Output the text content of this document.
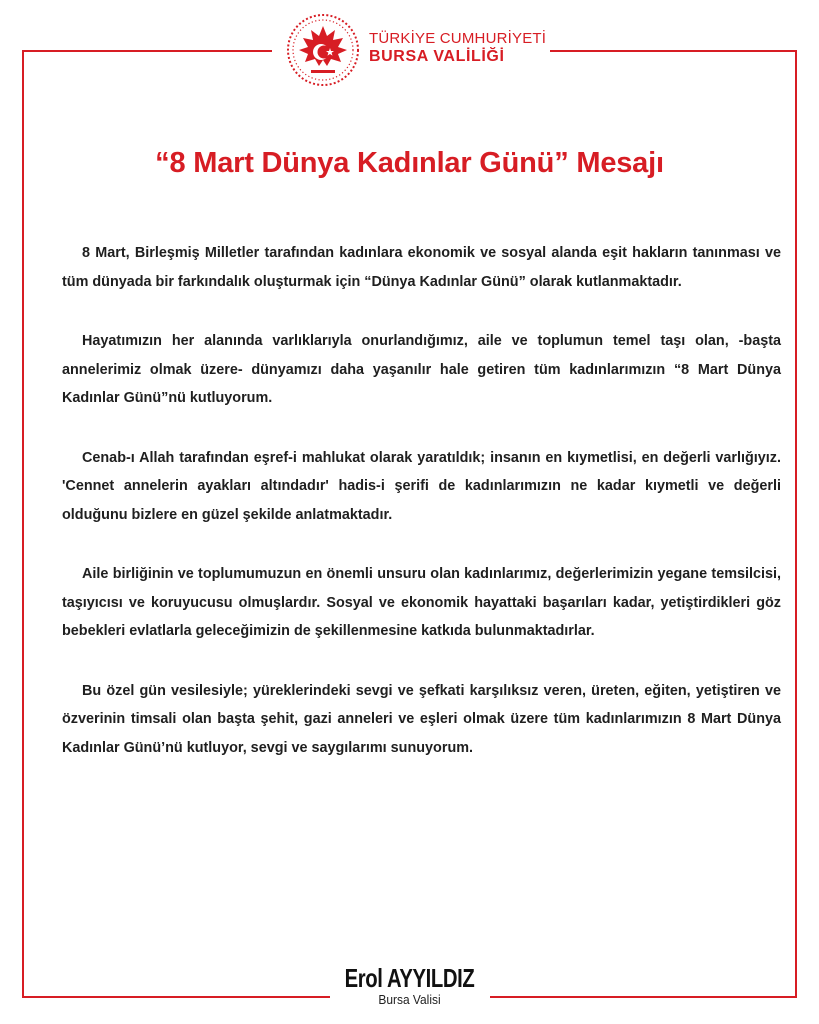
TÜRKİYE CUMHURİYETİ
BURSA VALİLİĞİ
“8 Mart Dünya Kadınlar Günü” Mesajı

8 Mart, Birleşmiş Milletler tarafından kadınlara ekonomik ve sosyal alanda eşit hakların tanınması ve tüm dünyada bir farkındalık oluşturmak için “Dünya Kadınlar Günü” olarak kutlanmaktadır.

Hayatımızın her alanında varlıklarıyla onurlandığımız, aile ve toplumun temel taşı olan, -başta annelerimiz olmak üzere- dünyamızı daha yaşanılır hale getiren tüm kadınlarımızın “8 Mart Dünya Kadınlar Günü”nü kutluyorum.

Cenab-ı Allah tarafından eşref-i mahlukat olarak yaratıldık; insanın en kıymetlisi, en değerli varlığıyız. 'Cennet annelerin ayakları altındadır' hadis-i şerifi de kadınlarımızın ne kadar kıymetli ve değerli olduğunu bizlere en güzel şekilde anlatmaktadır.

Aile birliğinin ve toplumumuzun en önemli unsuru olan kadınlarımız, değerlerimizin yegane temsilcisi, taşıyıcısı ve koruyucusu olmuşlardır. Sosyal ve ekonomik hayattaki başarıları kadar, yetiştirdikleri göz bebekleri evlatlarla geleceğimizin de şekillenmesine katkıda bulunmaktadırlar.

Bu özel gün vesilesiyle; yüreklerindeki sevgi ve şefkati karşılıksız veren, üreten, eğiten, yetiştiren ve özverinin timsali olan başta şehit, gazi anneleri ve eşleri olmak üzere tüm kadınlarımızın 8 Mart Dünya Kadınlar Günü’nü kutluyor, sevgi ve saygılarımı sunuyorum.

Erol AYYILDIZ
Bursa Valisi
